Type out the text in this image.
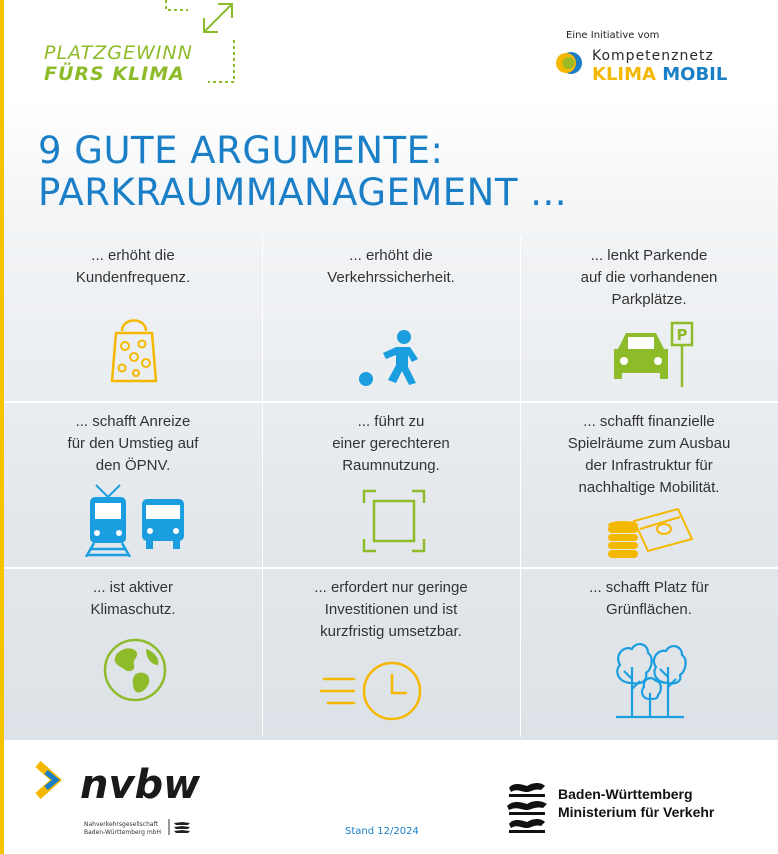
PLATZGEWINN
FÜRS KLIMA
Eine Initiative vom
Kompetenznetz
KLIMA MOBIL
9 GUTE ARGUMENTE:
PARKRAUMMANAGEMENT ...
... erhöht die
Kundenfrequenz.
... erhöht die
Verkehrssicherheit.
... lenkt Parkende
auf die vorhandenen
Parkplätze.
P
... schafft Anreize
für den Umstieg auf
den ÖPNV.
... führt zu
einer gerechteren
Raumnutzung.
... schafft finanzielle
Spielräume zum Ausbau
der Infrastruktur für
nachhaltige Mobilität.
... ist aktiver
Klimaschutz.
... erfordert nur geringe
Investitionen und ist
kurzfristig umsetzbar.
... schafft Platz für
Grünflächen.
nvbw
Nahverkehrsgesellschaft
Baden-Württemberg mbH	Stand 12/2024
Baden-Württemberg
Ministerium für Verkehr
